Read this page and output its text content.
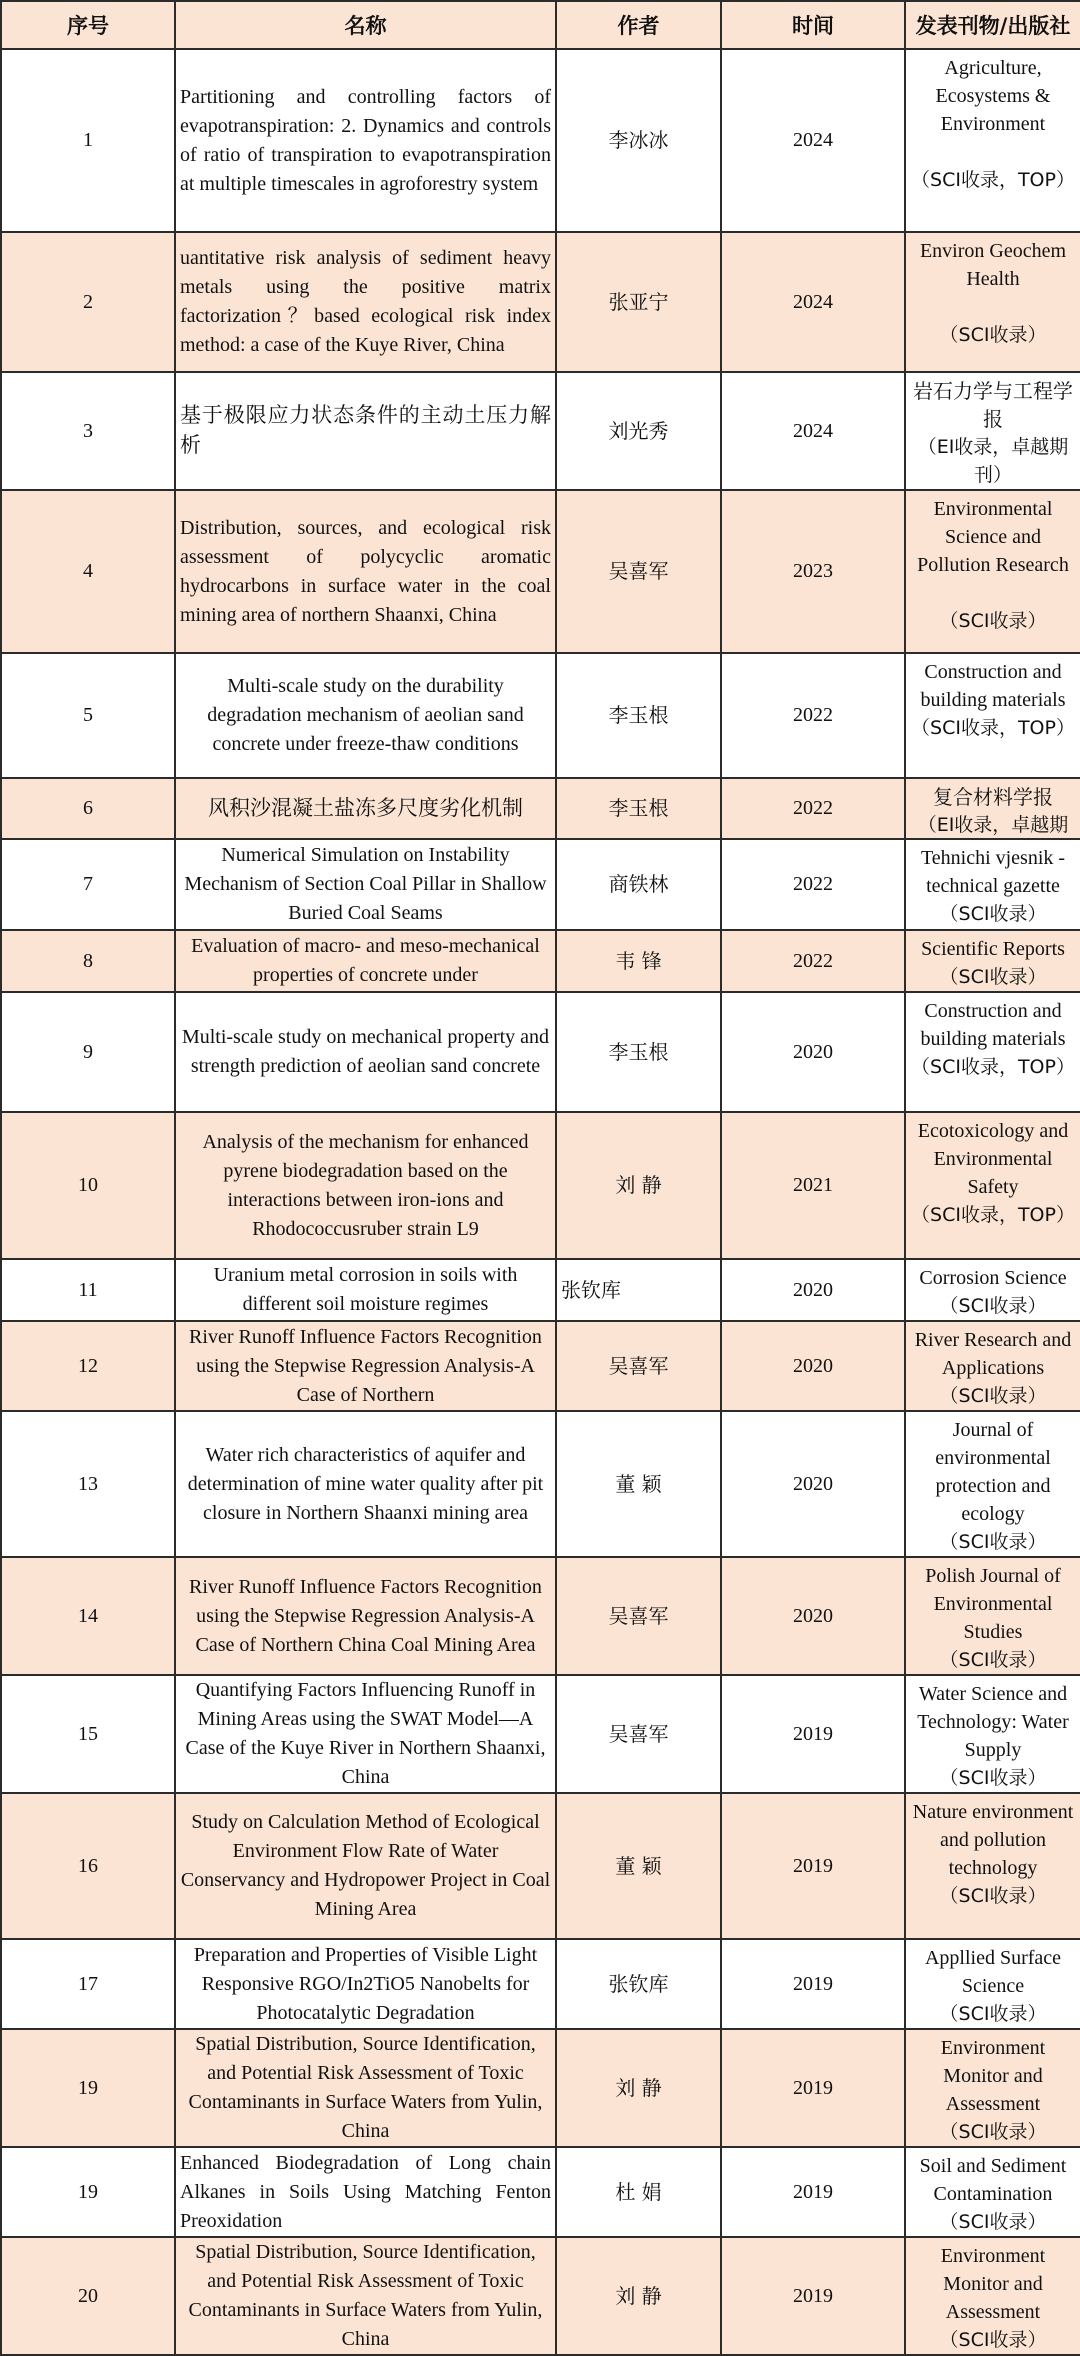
序号	名称	作者	时间	发表刊物/出版社
1	Partitioning and controlling factors of evapotranspiration: 2. Dynamics and controls of ratio of transpiration to evapotranspiration at multiple timescales in agroforestry system	李冰冰	2024	Agriculture, Ecosystems & Environment
（SCI收录，TOP）

2	uantitative risk analysis of sediment heavy metals using the positive matrix factorization？based ecological risk index method: a case of the Kuye River, China	张亚宁	2024	Environ Geochem Health
（SCI收录）

3	基于极限应力状态条件的主动土压力解析	刘光秀	2024	岩石力学与工程学报
（EI收录，卓越期刊）

4	Distribution, sources, and ecological risk assessment of polycyclic aromatic hydrocarbons in surface water in the coal mining area of northern Shaanxi, China	吴喜军	2023	Environmental Science and Pollution Research
（SCI收录）

5	Multi-scale study on the durability degradation mechanism of aeolian sand concrete under freeze-thaw conditions	李玉根	2022	Construction and building materials
（SCI收录，TOP）

6	风积沙混凝土盐冻多尺度劣化机制	李玉根	2022	复合材料学报
（EI收录，卓越期

7	Numerical Simulation on Instability Mechanism of Section Coal Pillar in Shallow Buried Coal Seams	商铁林	2022	Tehnichi vjesnik - technical gazette
（SCI收录）

8	Evaluation of macro- and meso-mechanical properties of concrete under	韦 锋	2022	Scientific Reports
（SCI收录）

9	Multi-scale study on mechanical property and strength prediction of aeolian sand concrete	李玉根	2020	Construction and building materials
（SCI收录，TOP）

10	Analysis of the mechanism for enhanced pyrene biodegradation based on the interactions between iron-ions and Rhodococcusruber strain L9	刘 静	2021	Ecotoxicology and Environmental Safety
（SCI收录，TOP）

11	Uranium metal corrosion in soils with different soil moisture regimes	张钦库	2020	Corrosion Science
（SCI收录）

12	River Runoff Influence Factors Recognition using the Stepwise Regression Analysis-A Case of Northern	吴喜军	2020	River Research and Applications
（SCI收录）

13	Water rich characteristics of aquifer and determination of mine water quality after pit closure in Northern Shaanxi mining area	董 颖	2020	Journal of environmental protection and ecology
（SCI收录）

14	River Runoff Influence Factors Recognition using the Stepwise Regression Analysis-A Case of Northern China Coal Mining Area	吴喜军	2020	Polish Journal of Environmental Studies
（SCI收录）

15	Quantifying Factors Influencing Runoff in Mining Areas using the SWAT Model—A Case of the Kuye River in Northern Shaanxi, China	吴喜军	2019	Water Science and Technology: Water Supply
（SCI收录）

16	Study on Calculation Method of Ecological Environment Flow Rate of Water Conservancy and Hydropower Project in Coal Mining Area	董 颖	2019	Nature environment and pollution technology
（SCI收录）

17	Preparation and Properties of Visible Light Responsive RGO/In2TiO5 Nanobelts for Photocatalytic Degradation	张钦库	2019	Appllied Surface Science
（SCI收录）

19	Spatial Distribution, Source Identification, and Potential Risk Assessment of Toxic Contaminants in Surface Waters from Yulin, China	刘 静	2019	Environment Monitor and Assessment
（SCI收录）

19	Enhanced Biodegradation of Long chain Alkanes in Soils Using Matching Fenton Preoxidation	杜 娟	2019	Soil and Sediment Contamination
（SCI收录）

20	Spatial Distribution, Source Identification, and Potential Risk Assessment of Toxic Contaminants in Surface Waters from Yulin, China	刘 静	2019	Environment Monitor and Assessment
（SCI收录）
